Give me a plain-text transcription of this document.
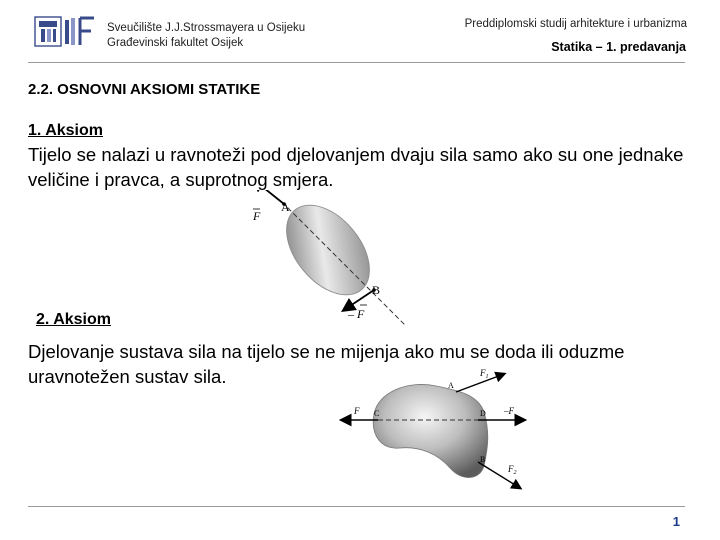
Sveučilište J.J.Strossmayera u Osijeku
Građevinski fakultet Osijek
Preddiplomski studij arhitekture i urbanizma
Statika – 1. predavanja
2.2. OSNOVNI AKSIOMI STATIKE
1. Aksiom
Tijelo se nalazi u ravnoteži pod djelovanjem dvaju sila samo ako su one jednake veličine i pravca, a suprotnog smjera.
F
A
B
– F
2. Aksiom
Djelovanje sustava sila na tijelo se ne mijenja ako mu se doda ili oduzme uravnotežen sustav sila.
F C	D –F
A
B
$F_1$
$F_2$
1
